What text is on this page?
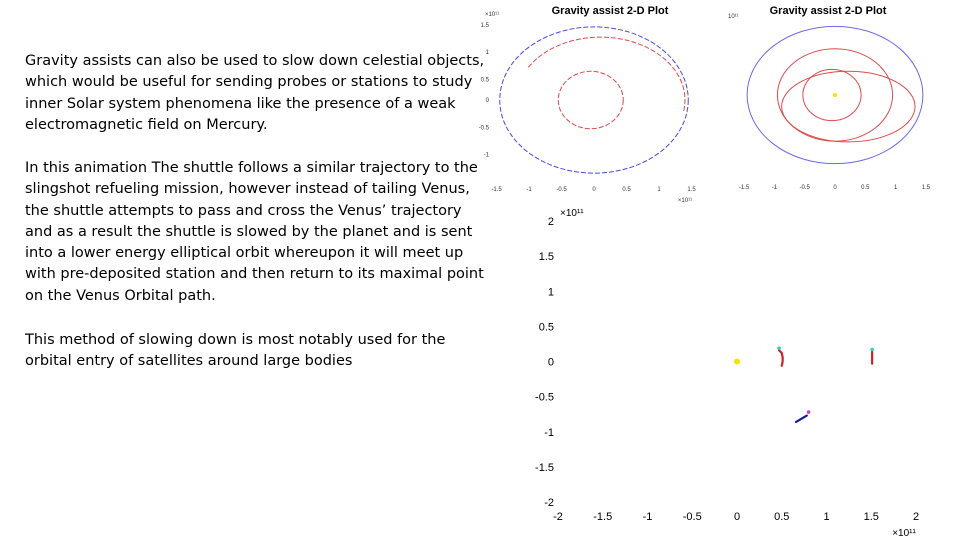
Gravity assists can also be used to slow down celestial objects,
which would be useful for sending probes or stations to study
inner Solar system phenomena like the presence of a weak
electromagnetic field on Mercury.

In this animation The shuttle follows a similar trajectory to the
slingshot refueling mission, however instead of tailing Venus,
the shuttle attempts to pass and cross the Venus’ trajectory
and as a result the shuttle is slowed by the planet and is sent
into a lower energy elliptical orbit whereupon it will meet up
with pre-deposited station and then return to its maximal point
on the Venus Orbital path.

This method of slowing down is most notably used for the
orbital entry of satellites around large bodies

Gravity assist 2-D Plot
×10¹¹
×10¹¹
-1.5	-1	-0.5	0	0.5	1	1.5
1.5
1
0.5
0
-0.5
-1
Gravity assist 2-D Plot
10¹¹
-1.5	-1	-0.5	0	0.5	1	1.5
×10¹¹
×10¹¹
-2	-1.5	-1	-0.5	0	0.5	1	1.5	2
2
1.5
1
0.5
0
-0.5
-1
-1.5
-2
